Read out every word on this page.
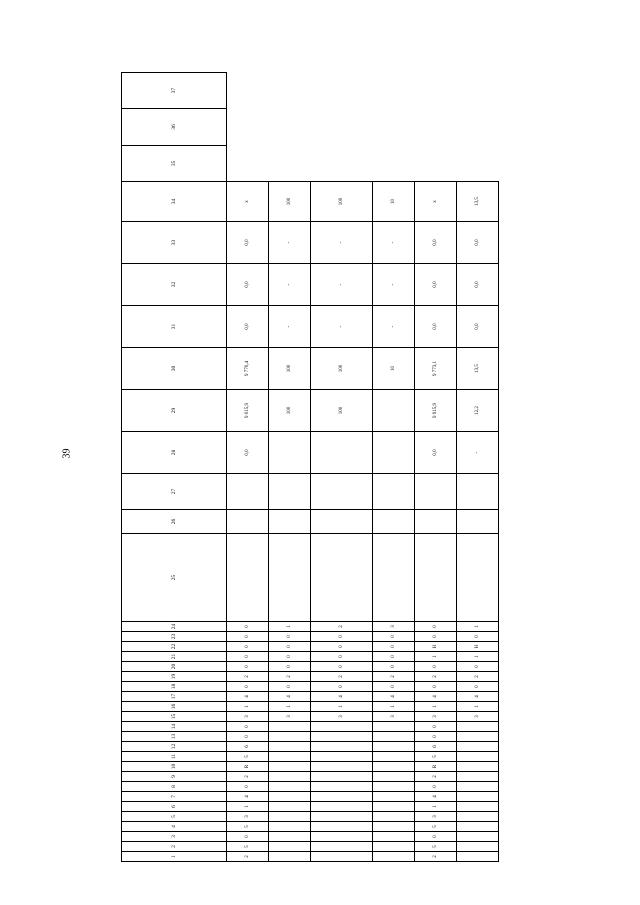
39
1	2	3	4	5	6	7	8	9	10	11	12	13	14	15	16	17	18	19	20	21	22	23	24	25	26	27	28	29	30	31	32	33	34	35	36	37
2	5	0	5	3	1	4	0	2	R	5	6	0	0	3	1	4	0	2	0	0	0	0	0				0,0	9 015,9	9 770,4	0,0	0,0	0,0	x			
														3	1	4	0	2	0	0	0	0	1					100	100	-	-	-	100			
														3	1	4	0	2	0	0	0	0	2					100	100	-	-	-	100			
														3	1	4	0	2	0	0	0	0	3						10	-	-	-	10			
2	5	0	5	3	1	4	0	2	R	5	6	0	0	3	1	4	0	2	0	1	Н	0	0				0,0	9 915,9	9 773,1	0,0	0,0	0,0	x			
														3	1	4	0	2	0	1	Н	0	1				-	12,2	13,5	0,0	0,0	0,0	13,5			
